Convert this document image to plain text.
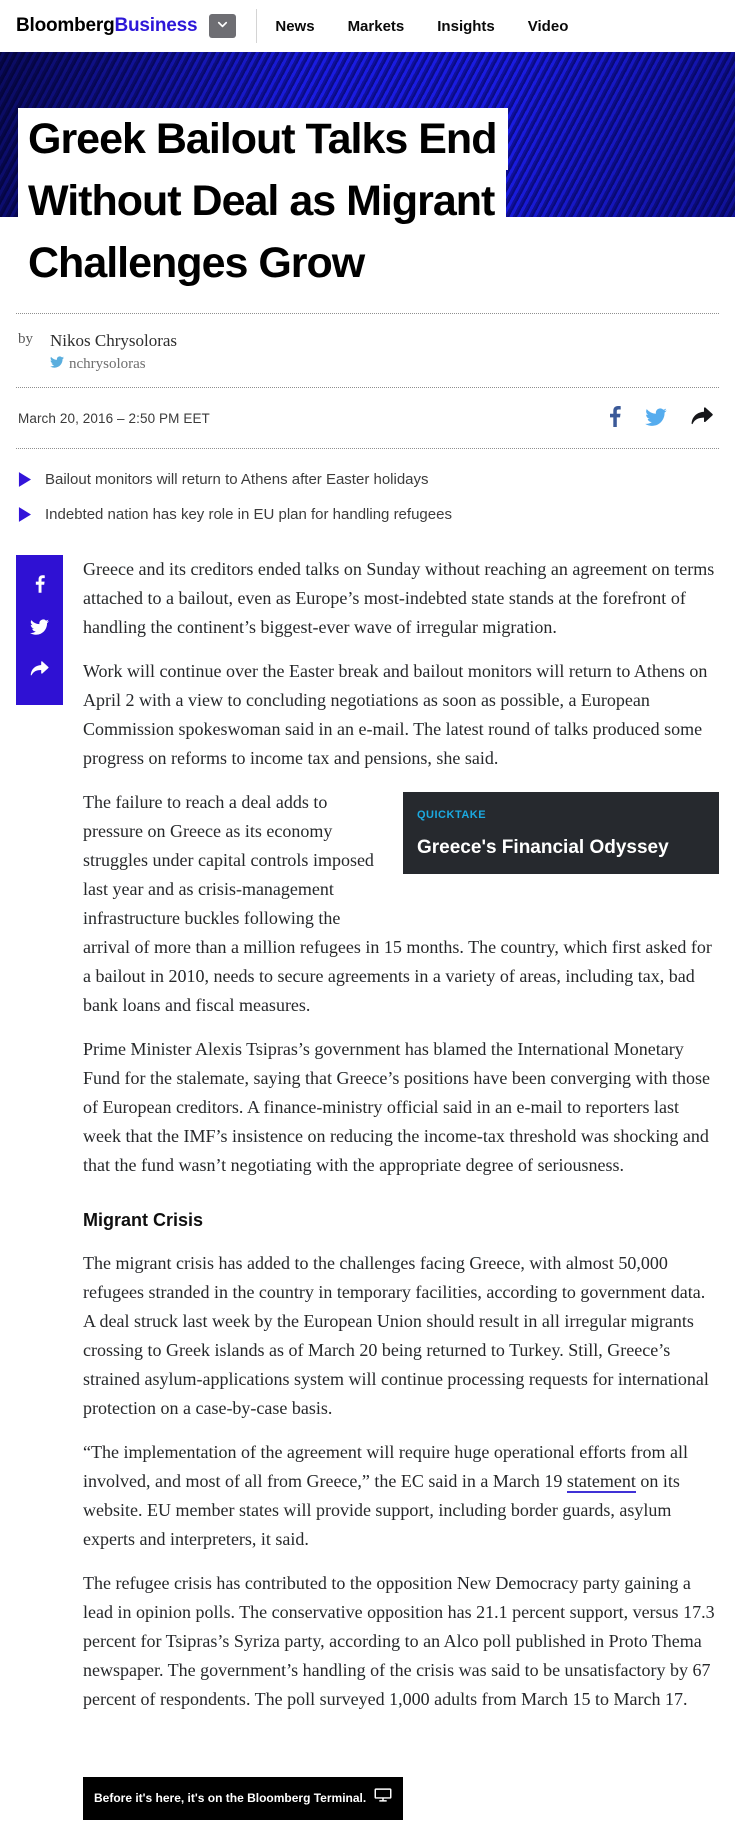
BloombergBusiness	News Markets Insights Video
Greek Bailout Talks End
Without Deal as Migrant
Challenges Grow
by	Nikos Chrysoloras
nchrysoloras
March 20, 2016 – 2:50 PM EET
Bailout monitors will return to Athens after Easter holidays
Indebted nation has key role in EU plan for handling refugees

Greece and its creditors ended talks on Sunday without reaching an agreement on terms attached to a bailout, even as Europe’s most-indebted state stands at the forefront of handling the continent’s biggest-ever wave of irregular migration.

Work will continue over the Easter break and bailout monitors will return to Athens on April 2 with a view to concluding negotiations as soon as possible, a European Commission spokeswoman said in an e-mail. The latest round of talks produced some progress on reforms to income tax and pensions, she said.

QUICKTAKE
Greece's Financial Odyssey
The failure to reach a deal adds to pressure on Greece as its economy struggles under capital controls imposed last year and as crisis-management infrastructure buckles following the arrival of more than a million refugees in 15 months. The country, which first asked for a bailout in 2010, needs to secure agreements in a variety of areas, including tax, bad bank loans and fiscal measures.

Prime Minister Alexis Tsipras’s government has blamed the International Monetary Fund for the stalemate, saying that Greece’s positions have been converging with those of European creditors. A finance-ministry official said in an e-mail to reporters last week that the IMF’s insistence on reducing the income-tax threshold was shocking and that the fund wasn’t negotiating with the appropriate degree of seriousness.

Migrant Crisis

The migrant crisis has added to the challenges facing Greece, with almost 50,000 refugees stranded in the country in temporary facilities, according to government data. A deal struck last week by the European Union should result in all irregular migrants crossing to Greek islands as of March 20 being returned to Turkey. Still, Greece’s strained asylum-applications system will continue processing requests for international protection on a case-by-case basis.

“The implementation of the agreement will require huge operational efforts from all involved, and most of all from Greece,” the EC said in a March 19 statement on its website. EU member states will provide support, including border guards, asylum experts and interpreters, it said.

The refugee crisis has contributed to the opposition New Democracy party gaining a lead in opinion polls. The conservative opposition has 21.1 percent support, versus 17.3 percent for Tsipras’s Syriza party, according to an Alco poll published in Proto Thema newspaper. The government’s handling of the crisis was said to be unsatisfactory by 67 percent of respondents. The poll surveyed 1,000 adults from March 15 to March 17.

Before it's here, it's on the Bloomberg Terminal.
